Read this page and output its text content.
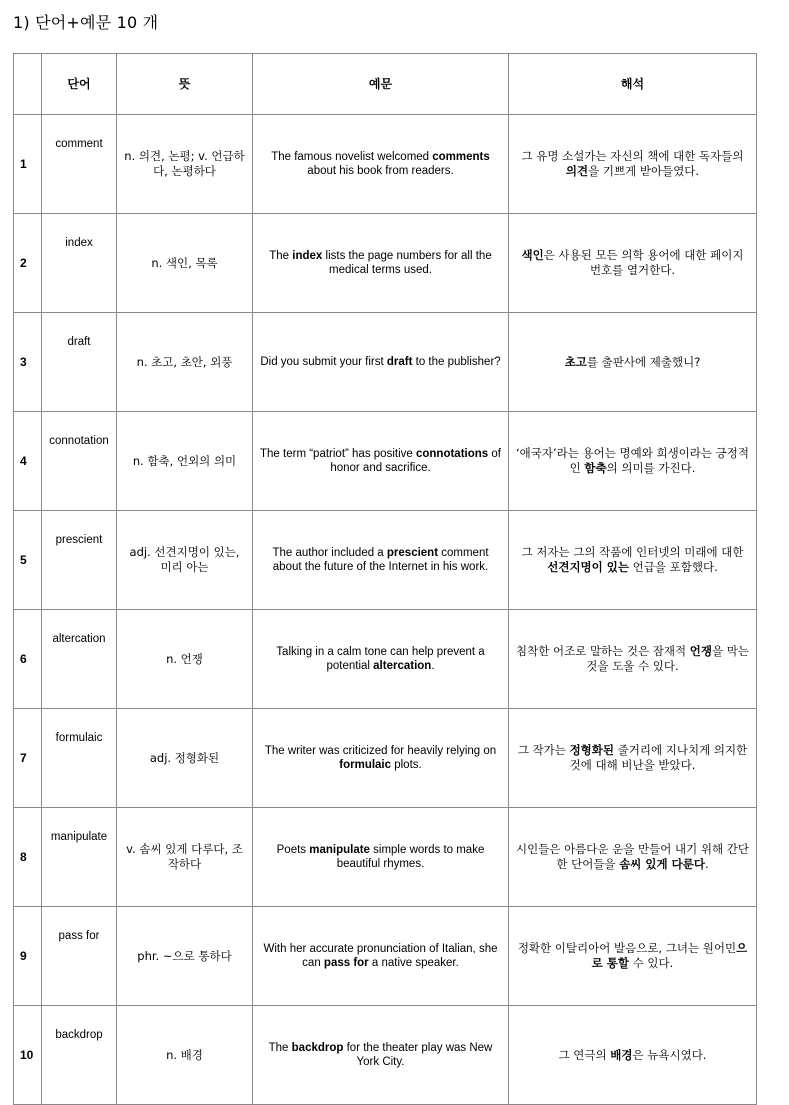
1) 단어+예문 10 개
	단어	뜻	예문	해석
1	comment	n. 의견, 논평; v. 언급하다, 논평하다	The famous novelist welcomed comments about his book from readers.	그 유명 소설가는 자신의 책에 대한 독자들의 의견을 기쁘게 받아들였다.
2	index	n. 색인, 목록	The index lists the page numbers for all the medical terms used.	색인은 사용된 모든 의학 용어에 대한 페이지 번호를 열거한다.
3	draft	n. 초고, 초안, 외풍	Did you submit your first draft to the publisher?	초고를 출판사에 제출했니?
4	connotation	n. 함축, 언외의 의미	The term “patriot” has positive connotations of honor and sacrifice.	‘애국자’라는 용어는 명예와 희생이라는 긍정적인 함축의 의미를 가진다.
5	prescient	adj. 선견지명이 있는, 미리 아는	The author included a prescient comment about the future of the Internet in his work.	그 저자는 그의 작품에 인터넷의 미래에 대한 선견지명이 있는 언급을 포함했다.
6	altercation	n. 언쟁	Talking in a calm tone can help prevent a potential altercation.	침착한 어조로 말하는 것은 잠재적 언쟁을 막는 것을 도울 수 있다.
7	formulaic	adj. 정형화된	The writer was criticized for heavily relying on formulaic plots.	그 작가는 정형화된 줄거리에 지나치게 의지한 것에 대해 비난을 받았다.
8	manipulate	v. 솜씨 있게 다루다, 조작하다	Poets manipulate simple words to make beautiful rhymes.	시인들은 아름다운 운을 만들어 내기 위해 간단한 단어들을 솜씨 있게 다룬다.
9	pass for	phr. ~으로 통하다	With her accurate pronunciation of Italian, she can pass for a native speaker.	정확한 이탈리아어 발음으로, 그녀는 원어민으로 통할 수 있다.
10	backdrop	n. 배경	The backdrop for the theater play was New York City.	그 연극의 배경은 뉴욕시였다.
